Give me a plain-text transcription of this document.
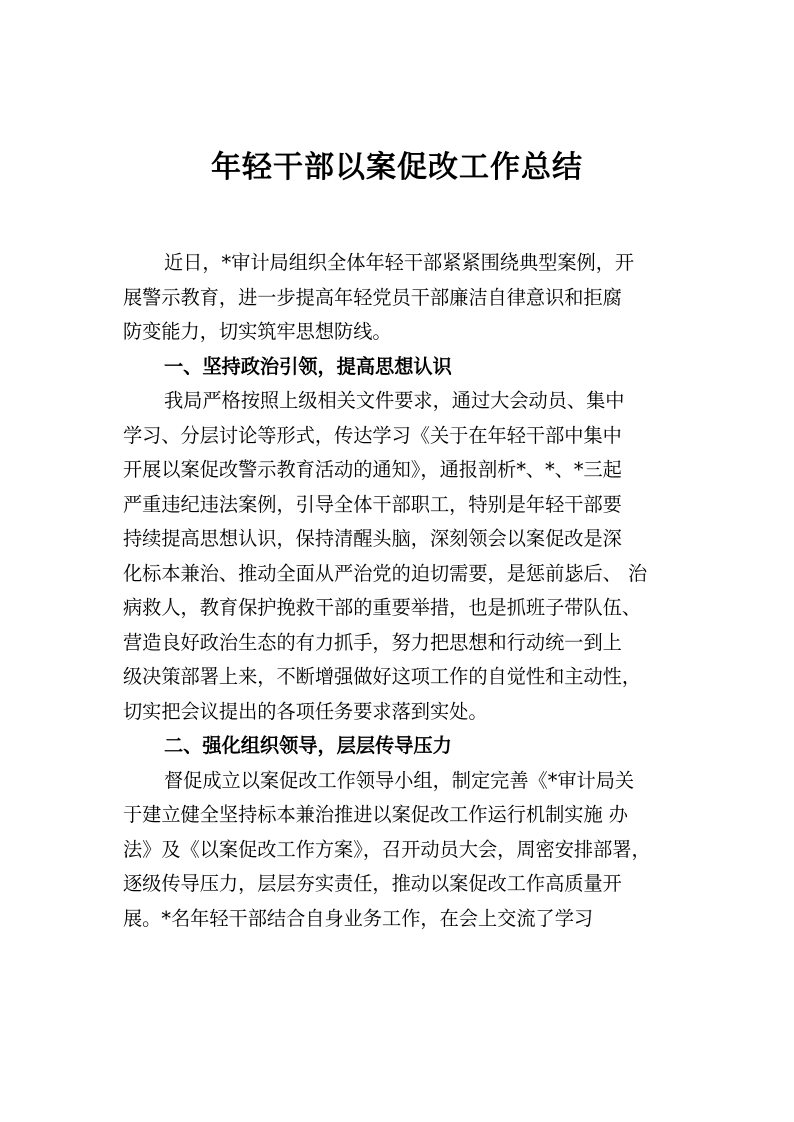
年轻干部以案促改工作总结
近日，*审计局组织全体年轻干部紧紧围绕典型案例，开
展警示教育，进一步提高年轻党员干部廉洁自律意识和拒腐
防变能力，切实筑牢思想防线。
一、坚持政治引领，提高思想认识
我局严格按照上级相关文件要求，通过大会动员、集中
学习、分层讨论等形式，传达学习《关于在年轻干部中集中
开展以案促改警示教育活动的通知》，通报剖析*、*、*三起
严重违纪违法案例，引导全体干部职工，特别是年轻干部要
持续提高思想认识，保持清醒头脑，深刻领会以案促改是深
化标本兼治、推动全面从严治党的迫切需要，是惩前毖后、 治
病救人，教育保护挽救干部的重要举措，也是抓班子带队伍、
营造良好政治生态的有力抓手，努力把思想和行动统一到上
级决策部署上来，不断增强做好这项工作的自觉性和主动性，
切实把会议提出的各项任务要求落到实处。
二、强化组织领导，层层传导压力
督促成立以案促改工作领导小组，制定完善《*审计局关
于建立健全坚持标本兼治推进以案促改工作运行机制实施 办
法》及《以案促改工作方案》，召开动员大会，周密安排部署，
逐级传导压力，层层夯实责任，推动以案促改工作高质量开
展。*名年轻干部结合自身业务工作，在会上交流了学习
